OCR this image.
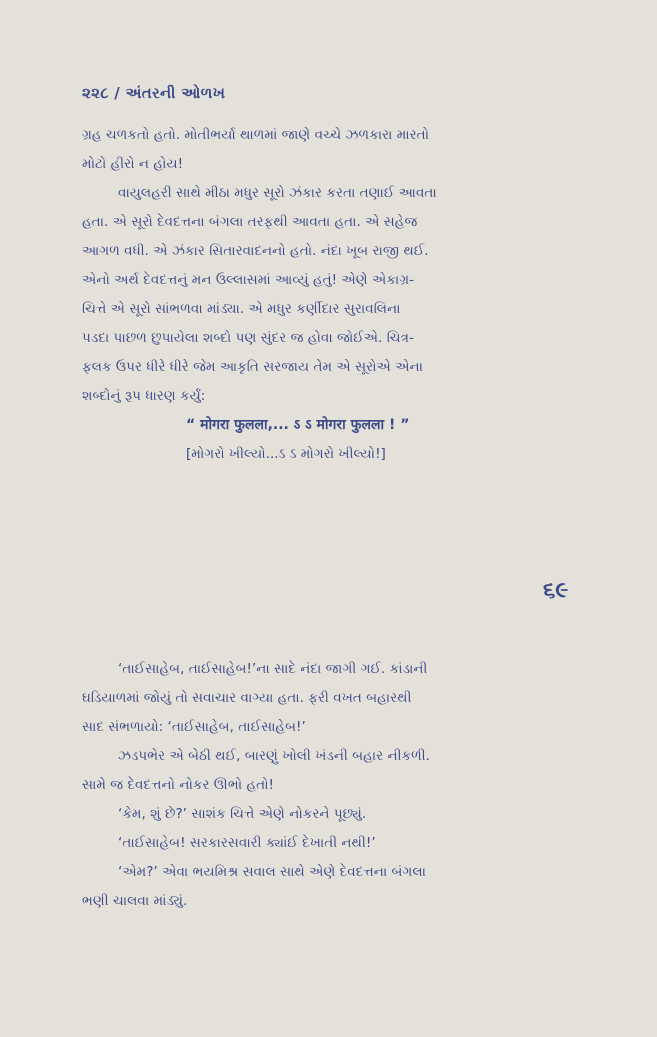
૨૨૮ / અંતરની ઓળખ
ગ્રહ ચળકતો હતો. મોતીભર્યા થાળમાં જાણે વચ્ચે ઝળકારા મારતો
મોટો હીરો ન હોય!
વાયુલહરી સાથે મીઠા મધુર સૂરો ઝંકાર કરતા તણાઈ આવતા
હતા. એ સૂરો દેવદત્તના બંગલા તરફથી આવતા હતા. એ સહેજ
આગળ વધી. એ ઝંકાર સિતારવાદનનો હતો. નંદા ખૂબ રાજી થઈ.
એનો અર્થ દેવદત્તનું મન ઉલ્લાસમાં આવ્યું હતું! એણે એકાગ્ર-
ચિત્તે એ સૂરો સાંભળવા માંડ્યા. એ મધુર કર્ણીદાર સુરાવલિના
પડદા પાછળ છુપાયેલા શબ્દો પણ સુંદર જ હોવા જોઈએ. ચિત્ર-
ફલક ઉપર ધીરે ધીરે જેમ આકૃતિ સરજાય તેમ એ સૂરોએ એના
શબ્દોનું રૂપ ધારણ કર્યું:
“ मोगरा फुलला,... ऽ ऽ मोगरा फुलला ! ”
[મોગરો ખીલ્યો...ઽ ઽ મોગરો ખીલ્યો!]
૬૯
‘તાઈસાહેબ, તાઈસાહેબ!’ના સાદે નંદા જાગી ગઈ. કાંડાની
ઘડિયાળમાં જોયું તો સવાચાર વાગ્યા હતા. ફરી વખત બહારથી
સાદ સંભળાયો: ‘તાઈસાહેબ, તાઈસાહેબ!’
ઝડપભેર એ બેઠી થઈ, બારણું ખોલી ખંડની બહાર નીકળી.
સામે જ દેવદત્તનો નોકર ઊભો હતો!
‘કેમ, શું છે?’ સાશંક ચિત્તે એણે નોકરને પૂછ્યું.
‘તાઈસાહેબ! સરકારસવારી ક્યાંઈ દેખાતી નથી!’
‘એમ?’ એવા ભયમિશ્ર સવાલ સાથે એણે દેવદત્તના બંગલા
ભણી ચાલવા માંડ્યું.
